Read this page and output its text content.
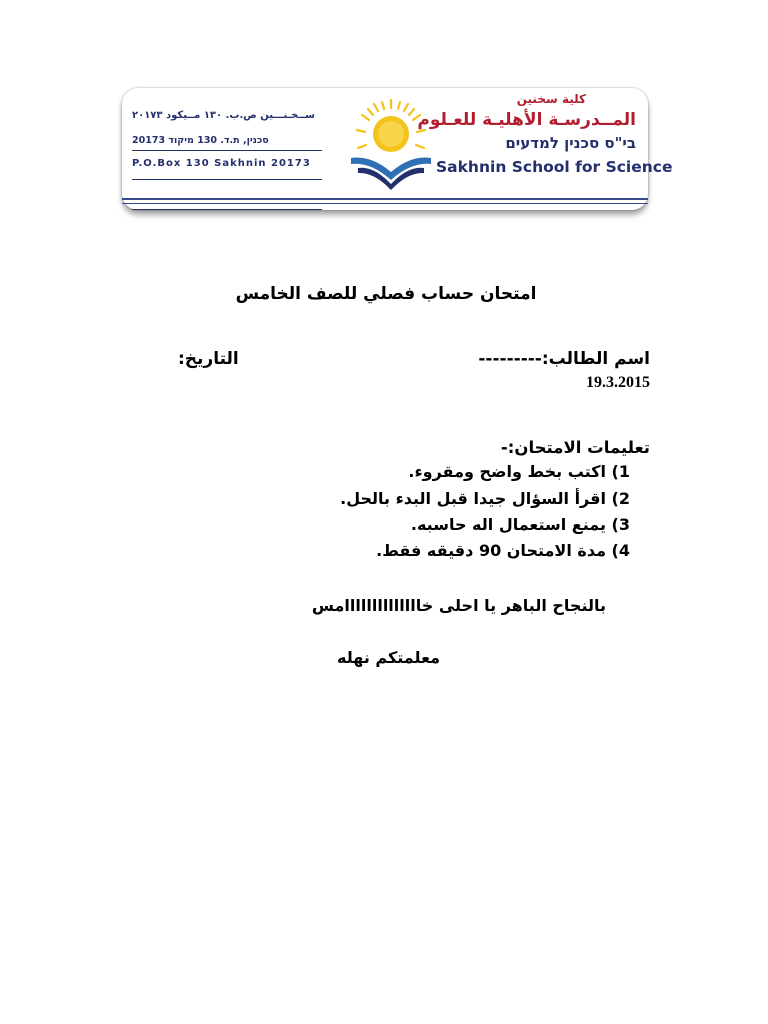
ســخـنـــين ص.ب. ١٣٠ مــيكود ٢٠١٧٣
סכנין, ת.ד. 130 מיקוד 20173
P.O.Box 130 Sakhnin 20173
كلية سخنين
المــدرسـة الأهليـة للعـلوم
בי"ס סכנין למדעים
Sakhnin School for Science
امتحان حساب فصلي للصف الخامس
اسم الطالب:---------
التاريخ:
19.3.2015
تعليمات الامتحان:-
1) اكتب بخط واضح ومقروء.
2) اقرأ السؤال جيدا قبل البدء بالحل.
3) يمنع استعمال اله حاسبه.
4) مدة الامتحان 90 دقيقه فقط.
بالنجاح الباهر يا احلى خاااااااااااااامس
معلمتكم نهله
